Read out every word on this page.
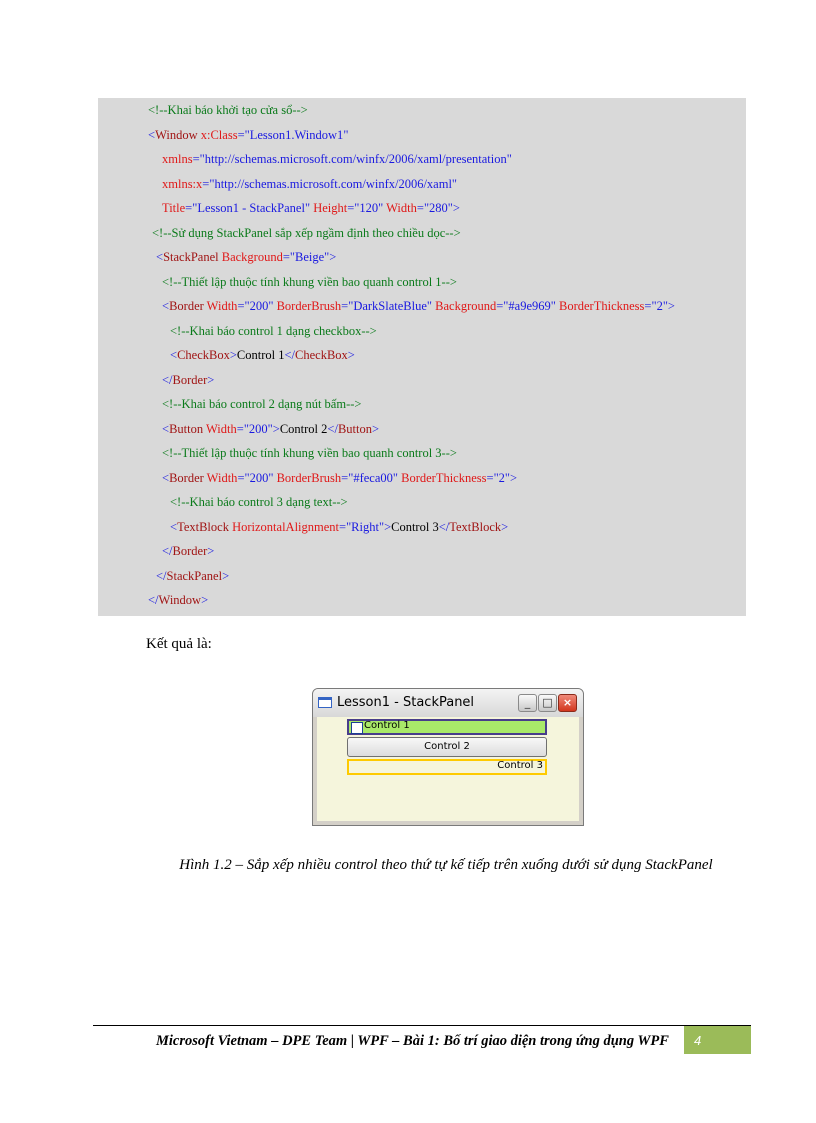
<!--Khai báo khởi tạo cửa sổ-->
<Window x:Class="Lesson1.Window1"
xmlns="http://schemas.microsoft.com/winfx/2006/xaml/presentation"
xmlns:x="http://schemas.microsoft.com/winfx/2006/xaml"
Title="Lesson1 - StackPanel" Height="120" Width="280">
<!--Sử dụng StackPanel sắp xếp ngầm định theo chiều dọc-->
<StackPanel Background="Beige">
<!--Thiết lập thuộc tính khung viền bao quanh control 1-->
<Border Width="200" BorderBrush="DarkSlateBlue" Background="#a9e969" BorderThickness="2">
<!--Khai báo control 1 dạng checkbox-->
<CheckBox>Control 1</CheckBox>
</Border>
<!--Khai báo control 2 dạng nút bấm-->
<Button Width="200">Control 2</Button>
<!--Thiết lập thuộc tính khung viền bao quanh control 3-->
<Border Width="200" BorderBrush="#feca00" BorderThickness="2">
<!--Khai báo control 3 dạng text-->
<TextBlock HorizontalAlignment="Right">Control 3</TextBlock>
</Border>
</StackPanel>
</Window>
Kết quả là:
Lesson1 - StackPanel	_	□ ×
Control 1
Control 2
Control 3
Hình 1.2 – Sắp xếp nhiều control theo thứ tự kế tiếp trên xuống dưới sử dụng StackPanel
Microsoft Vietnam – DPE Team | WPF – Bài 1: Bố trí giao diện trong ứng dụng WPF	4
